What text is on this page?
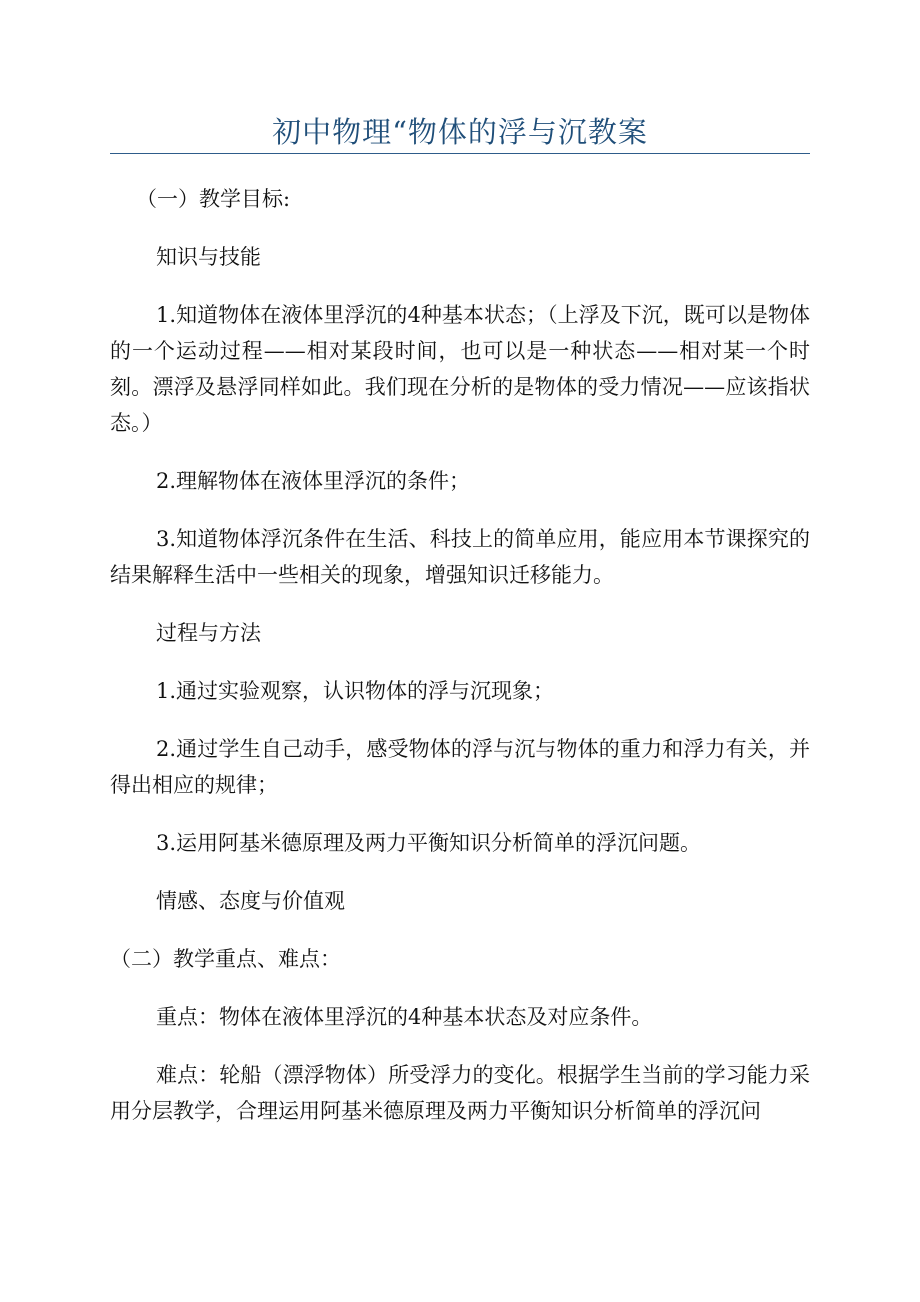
初中物理“物体的浮与沉教案

（一）教学目标:

知识与技能

1.知道物体在液体里浮沉的4种基本状态；（上浮及下沉，既可以是物体的一个运动过程——相对某段时间，也可以是一种状态——相对某一个时刻。漂浮及悬浮同样如此。我们现在分析的是物体的受力情况——应该指状态。）

2.理解物体在液体里浮沉的条件；

3.知道物体浮沉条件在生活、科技上的简单应用，能应用本节课探究的结果解释生活中一些相关的现象，增强知识迁移能力。

过程与方法

1.通过实验观察，认识物体的浮与沉现象；

2.通过学生自己动手，感受物体的浮与沉与物体的重力和浮力有关，并得出相应的规律；

3.运用阿基米德原理及两力平衡知识分析简单的浮沉问题。

情感、态度与价值观

（二）教学重点、难点：

重点：物体在液体里浮沉的4种基本状态及对应条件。

难点：轮船（漂浮物体）所受浮力的变化。根据学生当前的学习能力采用分层教学，合理运用阿基米德原理及两力平衡知识分析简单的浮沉问
